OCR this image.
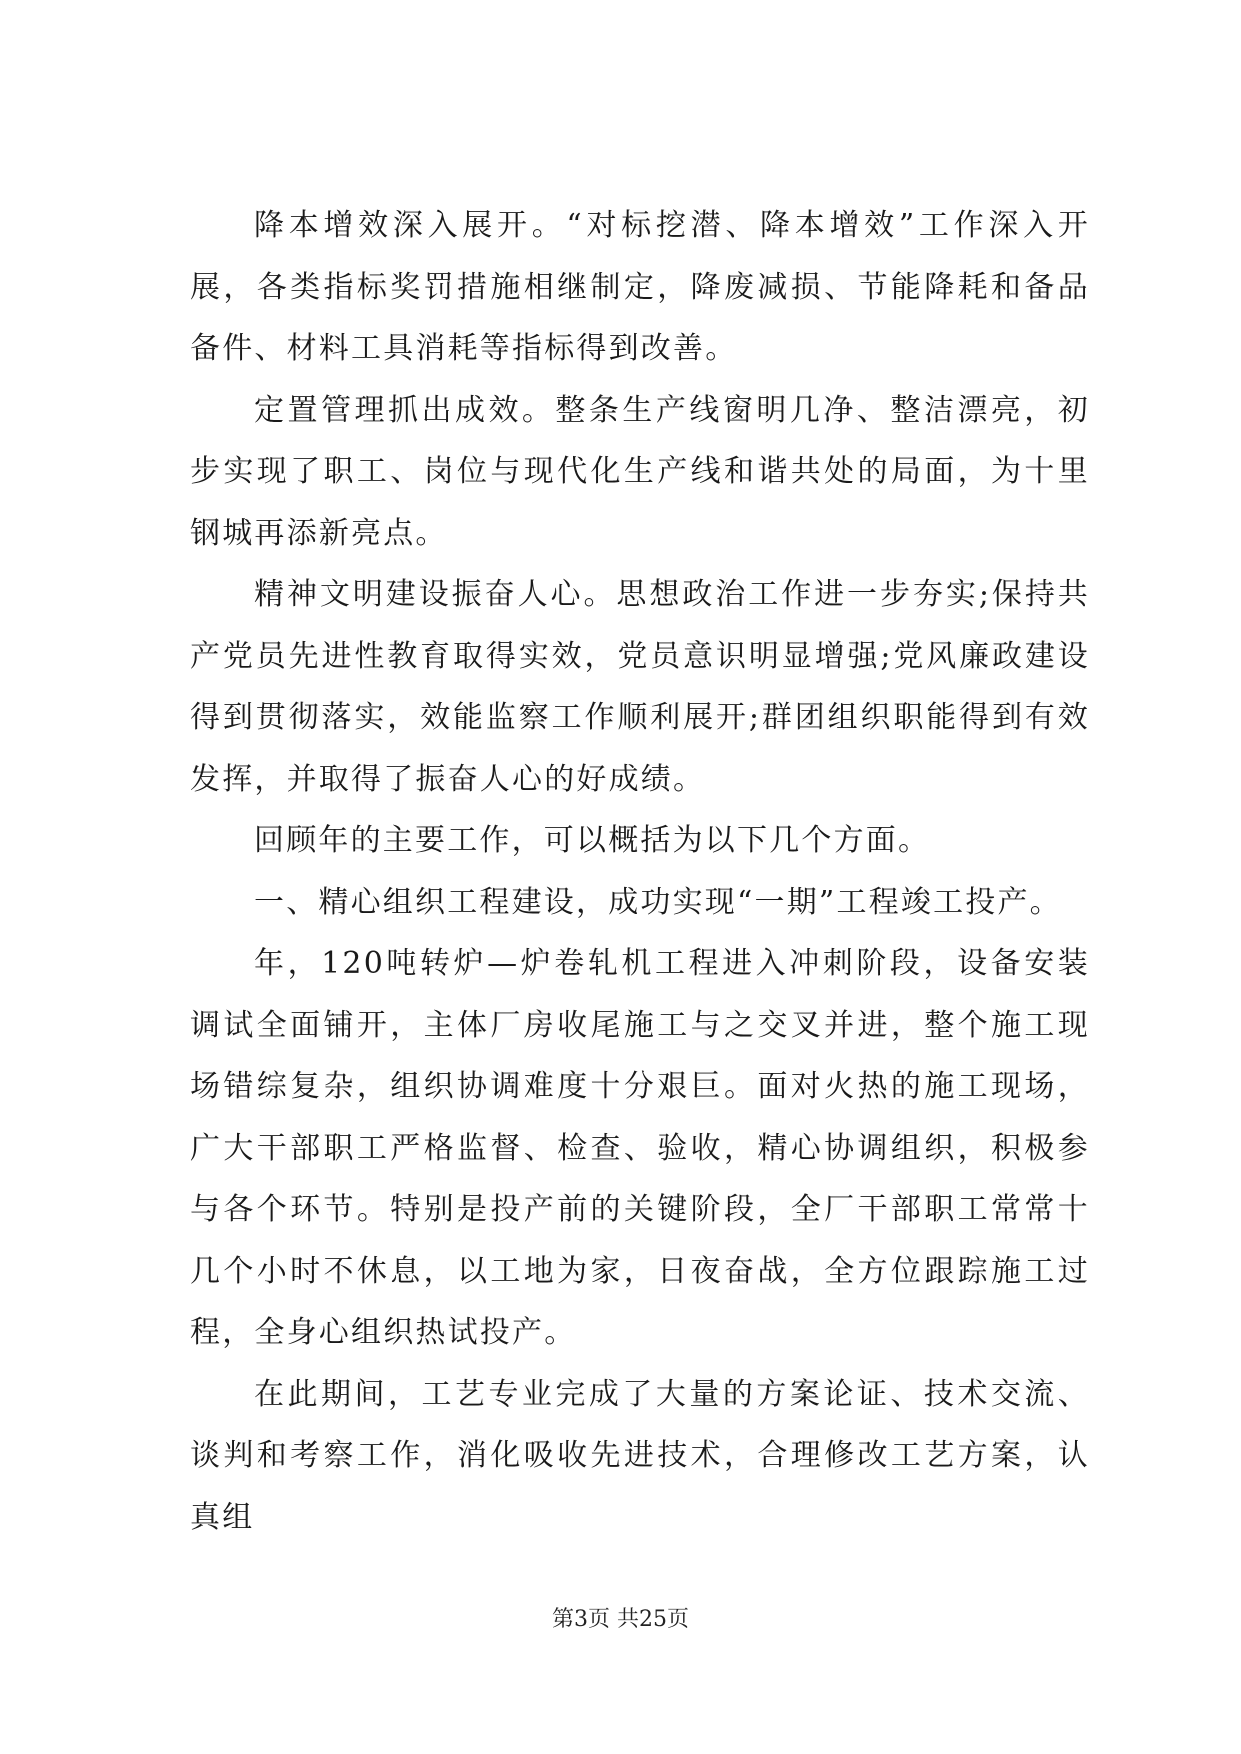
降本增效深入展开。“对标挖潜、降本增效”工作深入开展，各类指标奖罚措施相继制定，降废减损、节能降耗和备品备件、材料工具消耗等指标得到改善。

定置管理抓出成效。整条生产线窗明几净、整洁漂亮，初步实现了职工、岗位与现代化生产线和谐共处的局面，为十里钢城再添新亮点。

精神文明建设振奋人心。思想政治工作进一步夯实;保持共产党员先进性教育取得实效，党员意识明显增强;党风廉政建设得到贯彻落实，效能监察工作顺利展开;群团组织职能得到有效发挥，并取得了振奋人心的好成绩。

回顾年的主要工作，可以概括为以下几个方面。

一、精心组织工程建设，成功实现“一期”工程竣工投产。

年，120吨转炉—炉卷轧机工程进入冲刺阶段，设备安装调试全面铺开，主体厂房收尾施工与之交叉并进，整个施工现场错综复杂，组织协调难度十分艰巨。面对火热的施工现场，广大干部职工严格监督、检查、验收，精心协调组织，积极参与各个环节。特别是投产前的关键阶段，全厂干部职工常常十几个小时不休息，以工地为家，日夜奋战，全方位跟踪施工过程，全身心组织热试投产。

在此期间，工艺专业完成了大量的方案论证、技术交流、谈判和考察工作，消化吸收先进技术，合理修改工艺方案，认真组

第3页 共25页
